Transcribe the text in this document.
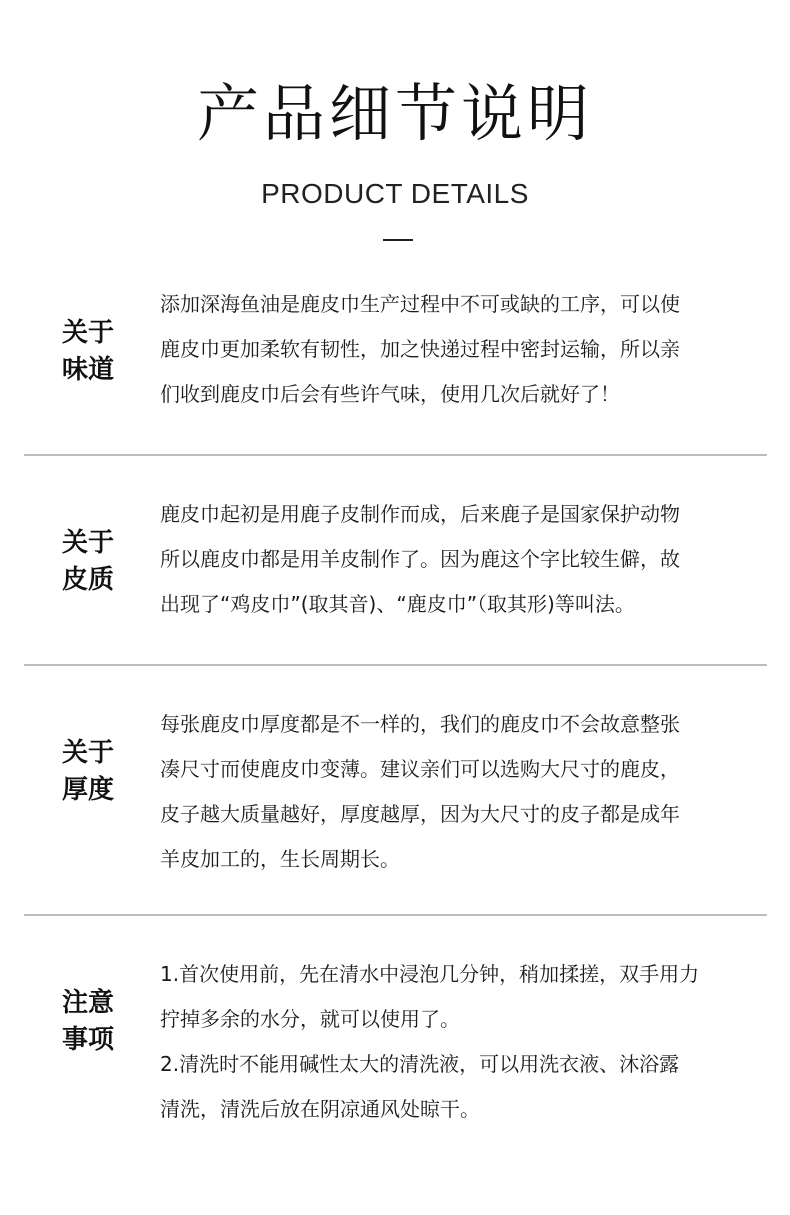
产品细节说明
PRODUCT DETAILS
关于
味道
添加深海鱼油是鹿皮巾生产过程中不可或缺的工序，可以使
鹿皮巾更加柔软有韧性，加之快递过程中密封运输，所以亲
们收到鹿皮巾后会有些许气味，使用几次后就好了！
关于
皮质
鹿皮巾起初是用鹿子皮制作而成，后来鹿子是国家保护动物
所以鹿皮巾都是用羊皮制作了。因为鹿这个字比较生僻，故
出现了“鸡皮巾”(取其音)、“鹿皮巾”（取其形)等叫法。
关于
厚度
每张鹿皮巾厚度都是不一样的，我们的鹿皮巾不会故意整张
凑尺寸而使鹿皮巾变薄。建议亲们可以选购大尺寸的鹿皮，
皮子越大质量越好，厚度越厚，因为大尺寸的皮子都是成年
羊皮加工的，生长周期长。
注意
事项
1.首次使用前，先在清水中浸泡几分钟，稍加揉搓，双手用力
拧掉多余的水分，就可以使用了。
2.清洗时不能用碱性太大的清洗液，可以用洗衣液、沐浴露
清洗，清洗后放在阴凉通风处晾干。
